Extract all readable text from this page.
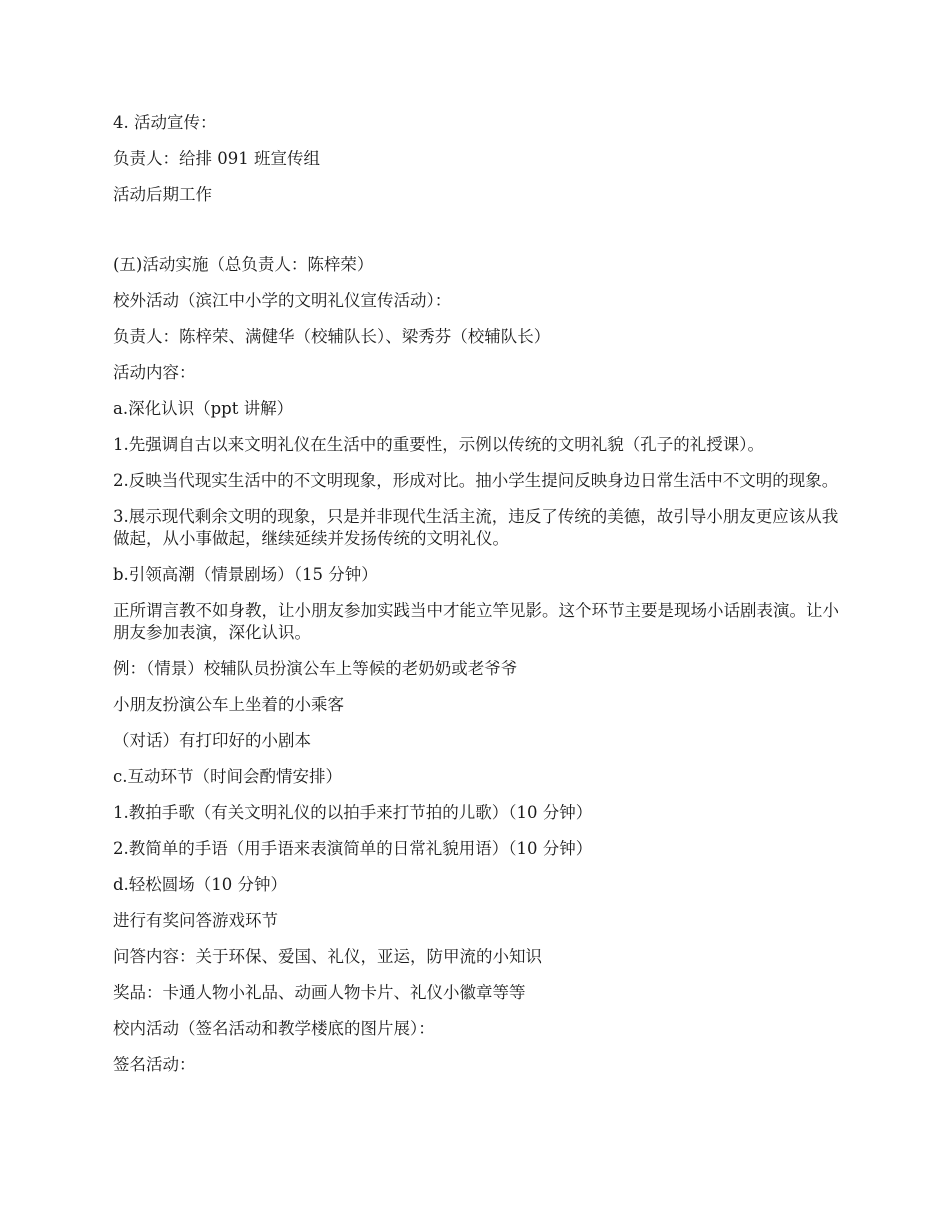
4. 活动宣传：

负责人：给排 091 班宣传组

活动后期工作

(五)活动实施（总负责人：陈梓荣）

校外活动（滨江中小学的文明礼仪宣传活动）：

负责人：陈梓荣、满健华（校辅队长）、梁秀芬（校辅队长）

活动内容：

a.深化认识（ppt 讲解）

1.先强调自古以来文明礼仪在生活中的重要性，示例以传统的文明礼貌（孔子的礼授课）。

2.反映当代现实生活中的不文明现象，形成对比。抽小学生提问反映身边日常生活中不文明的现象。

3.展示现代剩余文明的现象，只是并非现代生活主流，违反了传统的美德，故引导小朋友更应该从我做起，从小事做起，继续延续并发扬传统的文明礼仪。

b.引领高潮（情景剧场）（15 分钟）

正所谓言教不如身教，让小朋友参加实践当中才能立竿见影。这个环节主要是现场小话剧表演。让小朋友参加表演，深化认识。

例：（情景）校辅队员扮演公车上等候的老奶奶或老爷爷

小朋友扮演公车上坐着的小乘客

（对话）有打印好的小剧本

c.互动环节（时间会酌情安排）

1.教拍手歌（有关文明礼仪的以拍手来打节拍的儿歌）（10 分钟）

2.教简单的手语（用手语来表演简单的日常礼貌用语）（10 分钟）

d.轻松圆场（10 分钟）

进行有奖问答游戏环节

问答内容：关于环保、爱国、礼仪，亚运，防甲流的小知识

奖品：卡通人物小礼品、动画人物卡片、礼仪小徽章等等

校内活动（签名活动和教学楼底的图片展）：

签名活动：
